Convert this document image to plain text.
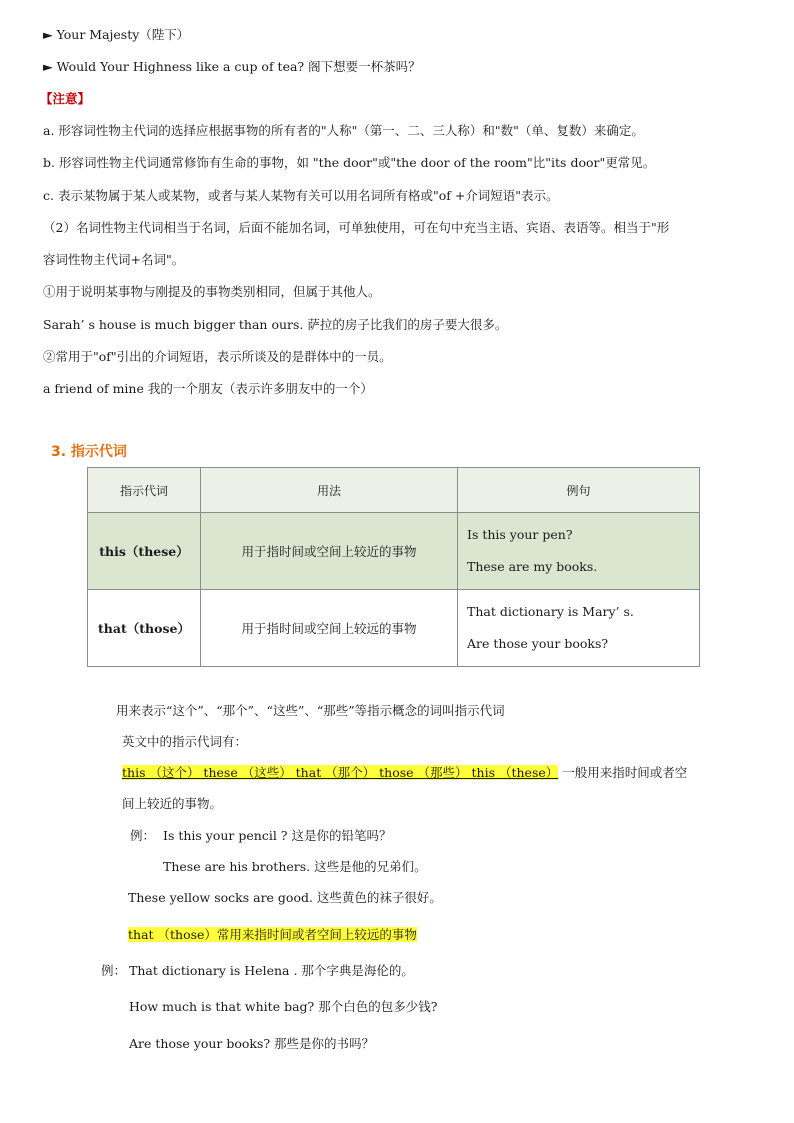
► Your Majesty（陛下）
► Would Your Highness like a cup of tea? 阁下想要一杯茶吗？
【注意】
a. 形容词性物主代词的选择应根据事物的所有者的"人称"（第一、二、三人称）和"数"（单、复数）来确定。
b. 形容词性物主代词通常修饰有生命的事物，如 "the door"或"the door of the room"比"its door"更常见。
c. 表示某物属于某人或某物，或者与某人某物有关可以用名词所有格或"of +介词短语"表示。
（2）名词性物主代词相当于名词，后面不能加名词，可单独使用，可在句中充当主语、宾语、表语等。相当于"形
容词性物主代词+名词"。
①用于说明某事物与刚提及的事物类别相同，但属于其他人。
Sarah’ s house is much bigger than ours. 萨拉的房子比我们的房子要大很多。
②常用于"of"引出的介词短语，表示所谈及的是群体中的一员。
a friend of mine 我的一个朋友（表示许多朋友中的一个）
3. 指示代词
指示代词	用法	例句
this（these）	用于指时间或空间上较近的事物	Is this your pen?
These are my books.

that（those）	用于指时间或空间上较远的事物	That dictionary is Mary’ s.
Are those your books?
用来表示“这个”、“那个”、“这些”、“那些”等指示概念的词叫指示代词
英文中的指示代词有：
this （这个） these （这些） that （那个） those （那些） this （these） 一般用来指时间或者空
间上较近的事物。
例： Is this your pencil ? 这是你的铅笔吗？
These are his brothers. 这些是他的兄弟们。
These yellow socks are good. 这些黄色的袜子很好。
that （those）常用来指时间或者空间上较远的事物
例： That dictionary is Helena . 那个字典是海伦的。
How much is that white bag? 那个白色的包多少钱?
Are those your books? 那些是你的书吗？
